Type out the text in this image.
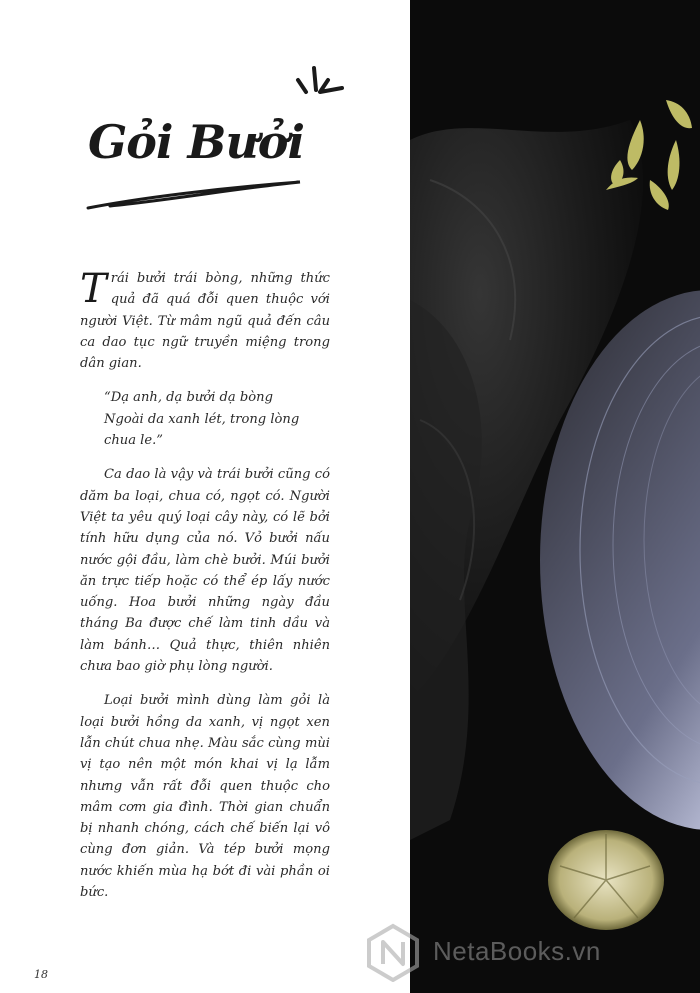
Gỏi Bưởi

Trái bưởi trái bòng, những thức quả đã quá đỗi quen thuộc với người Việt. Từ mâm ngũ quả đến câu ca dao tục ngữ truyền miệng trong dân gian.

“Dạ anh, dạ bưởi dạ bòng
Ngoài da xanh lét, trong lòng chua le.”

Ca dao là vậy và trái bưởi cũng có dăm ba loại, chua có, ngọt có. Người Việt ta yêu quý loại cây này, có lẽ bởi tính hữu dụng của nó. Vỏ bưởi nấu nước gội đầu, làm chè bưởi. Múi bưởi ăn trực tiếp hoặc có thể ép lấy nước uống. Hoa bưởi những ngày đầu tháng Ba được chế làm tinh dầu và làm bánh… Quả thực, thiên nhiên chưa bao giờ phụ lòng người.

Loại bưởi mình dùng làm gỏi là loại bưởi hồng da xanh, vị ngọt xen lẫn chút chua nhẹ. Màu sắc cùng mùi vị tạo nên một món khai vị lạ lẫm nhưng vẫn rất đỗi quen thuộc cho mâm cơm gia đình. Thời gian chuẩn bị nhanh chóng, cách chế biến lại vô cùng đơn giản. Và tép bưởi mọng nước khiến mùa hạ bớt đi vài phần oi bức.

18
NetaBooks.vn
